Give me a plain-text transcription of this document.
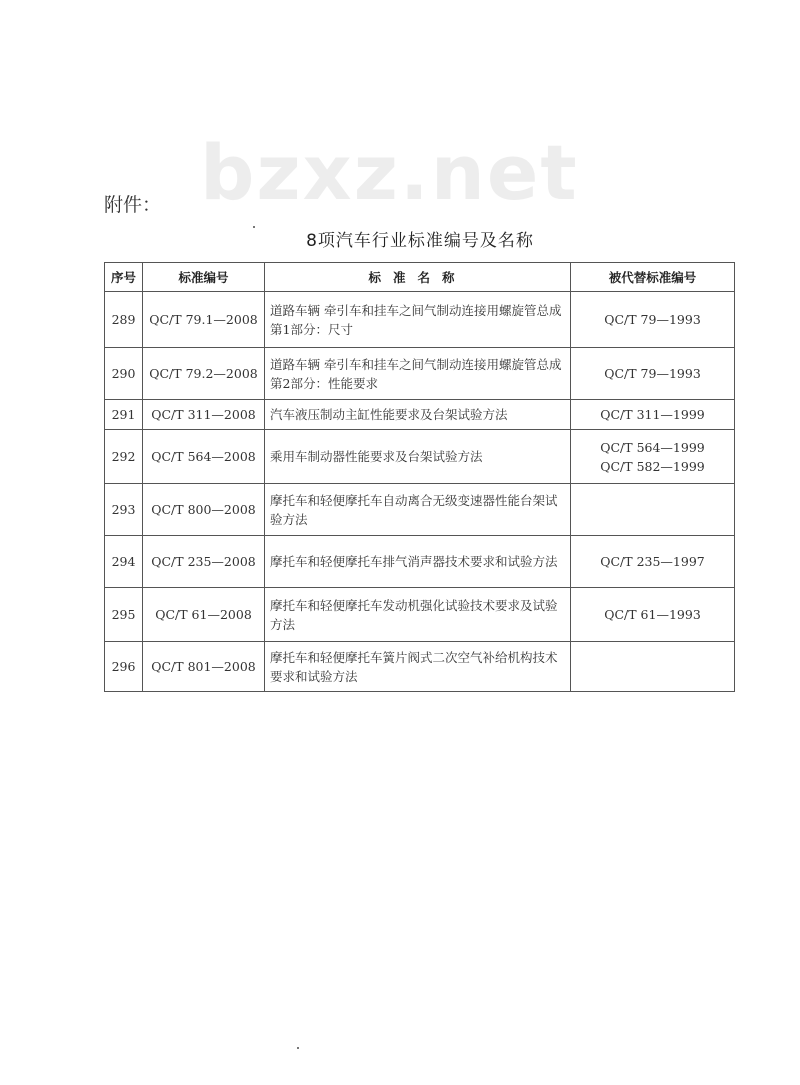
bzxz.net
附件：
8项汽车行业标准编号及名称
序号	标准编号	标准名称	被代替标准编号
289	QC/T 79.1—2008	道路车辆 牵引车和挂车之间气制动连接用螺旋管总成 第1部分：尺寸	QC/T 79—1993

290	QC/T 79.2—2008	道路车辆 牵引车和挂车之间气制动连接用螺旋管总成 第2部分：性能要求	QC/T 79—1993

291	QC/T 311—2008	汽车液压制动主缸性能要求及台架试验方法	QC/T 311—1999

292	QC/T 564—2008	乘用车制动器性能要求及台架试验方法	QC/T 564—1999
QC/T 582—1999

293	QC/T 800—2008	摩托车和轻便摩托车自动离合无级变速器性能台架试验方法	
294	QC/T 235—2008	摩托车和轻便摩托车排气消声器技术要求和试验方法	QC/T 235—1997

295	QC/T 61—2008	摩托车和轻便摩托车发动机强化试验技术要求及试验方法	QC/T 61—1993

296	QC/T 801—2008	摩托车和轻便摩托车簧片阀式二次空气补给机构技术要求和试验方法	
